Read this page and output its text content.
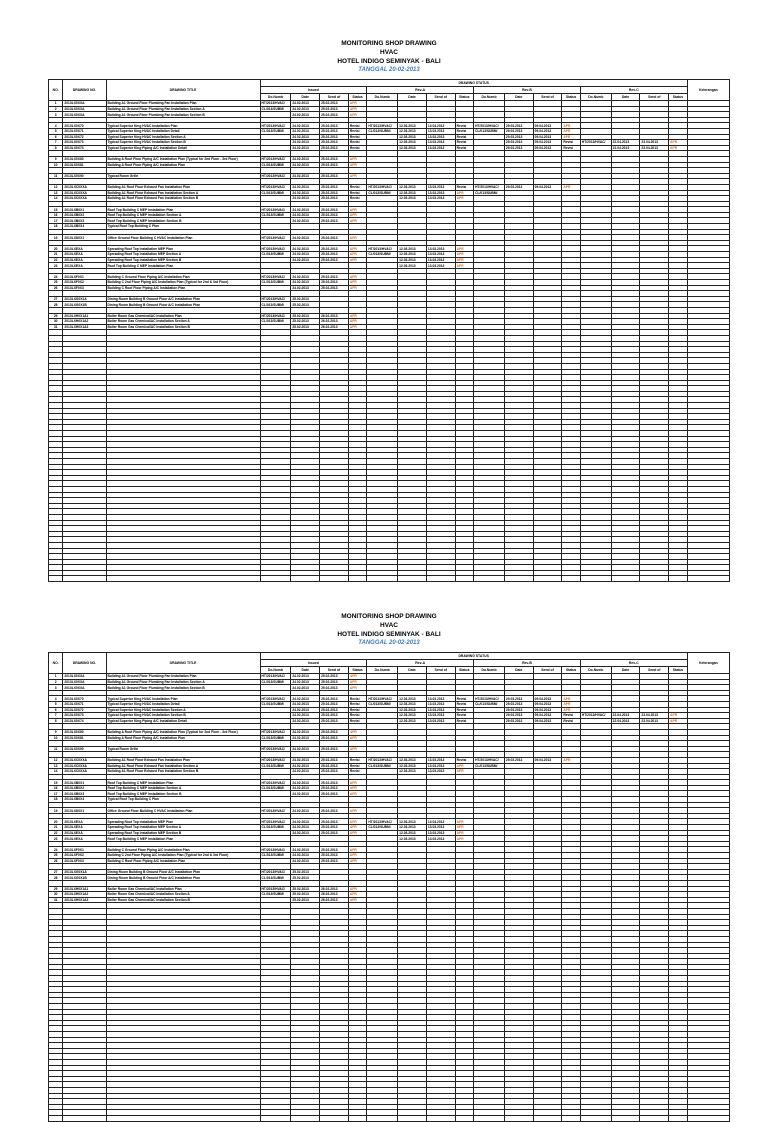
MONITORING SHOP DRAWING
HVAC
HOTEL INDIGO SEMINYAK - BALI
TANGGAL 20-02-2013
NO.	DRAWING NO.	DRAWING TITLE	DRAWING STATUS																Keterangan
			Issued				Rev-A				Rev-B				Rev-C				
			Do.Numb	Date	Send of	Status	Do.Numb	Date	Send of	Status	Do.Numb	Date	Send of	Status	Do.Numb	Date	Send of	Status	
1	2013LX0XXA	Building A1 Ground Floor Plumbing Fan Installation Plan	HT/2013/HVAC/	24.02.2013	25.02.2013	APR													
2	2013LX0XXA	Building A1 Ground Floor Plumbing Fan Installation Section A	CL/013/SUBM/	24.02.2013	25.02.2013	APR													
3	2013LX0XXA	Building A1 Ground Floor Plumbing Fan Installation Section B		24.02.2013	25.02.2013	APR													

4	2013LX0X70	Typical Superior King HVAC Installation Plan	HT/2013/HVAC/	24.02.2013	25.02.2013	Revisi	HT/2013/HVAC/	12.03.2013	13.03.2013	Revisi	HT/2013/HVAC/	29.03.2013	09.04.2013	APR					
5	2013LX0X71	Typical Superior King HVAC Installation Detail	CL/013/SUBM/	24.02.2013	25.02.2013	Revisi	CL/013/SUBM/	12.03.2013	13.03.2013	Revisi	CL/013/SUBM/	29.03.2013	09.04.2013	APR					
6	2013LX0X72	Typical Superior King HVAC Installation Section A		24.02.2013	25.02.2013	Revisi		12.03.2013	13.03.2013	Revisi		29.03.2013	09.04.2013	APR					
7	2013LX0X73	Typical Superior King HVAC Installation Section B		24.02.2013	25.02.2013	Revisi		12.03.2013	13.03.2013	Revisi		29.03.2013	09.04.2013	Revisi	HT/2013/HVAC/	22.04.2013	23.04.2013	APR	
8	2013LX0X74	Typical Superior King Piping A/C Installation Detail		24.02.2013	25.02.2013	Revisi		12.03.2013	13.03.2013	Revisi		29.03.2013	09.04.2013	Revisi		22.04.2013	23.04.2013	APR	

9	2013LX0X80	Building A Roof Floor Piping A/C Installation Plan (Typical for 2nd Floor - 3rd Floor)	HT/2013/HVAC/	24.02.2013	25.02.2013	APR													
10	2013LX0X81	Building A Roof Floor Piping A/C Installation Plan	CL/013/SUBM/	24.02.2013	25.02.2013	APR													

11	2013LX0X90	Typical Room Grille	HT/2013/HVAC/	24.02.2013	25.02.2013	APR													

12	2013LXC0XXA	Building A1 Roof Floor Exhaust Fan Installation Plan	HT/2013/HVAC/	24.02.2013	25.02.2013	Revisi	HT/2013/HVAC/	12.03.2013	13.03.2013	Revisi	HT/2013/HVAC/	29.03.2013	09.04.2013	APR					
13	2013LXC0XXA	Building A1 Roof Floor Exhaust Fan Installation Section A	CL/013/SUBM/	24.02.2013	25.02.2013	Revisi	CL/013/SUBM/	12.03.2013	13.03.2013	APR	CL/013/SUBM/								
14	2013LXC0XXA	Building A1 Roof Floor Exhaust Fan Installation Section B		24.02.2013	25.02.2013	Revisi		12.03.2013	13.03.2013	APR									

15	2013LXB0X1	Roof Top Building C MEP Installation Plan	HT/2013/HVAC/	24.02.2013	25.02.2013	APR													
16	2013LXB0X2	Roof Top Building C MEP Installation Section A	CL/013/SUBM/	24.02.2013	25.02.2013	APR													
17	2013LXB0X3	Roof Top Building C MEP Installation Section B		24.02.2013	25.02.2013	APR													
18	2013LXB0X4	Typical Roof Top Building C Plan																	

19	2013LXD0X1	Office Ground Floor Building C HVAC Installation Plan	HT/2013/HVAC/	24.02.2013	25.02.2013	APR													

20	2013LXEXA	Spreading Roof Top Installation MEP Plan	HT/2013/HVAC/	24.02.2013	25.02.2013	APR	HT/2013/HVAC/	12.03.2013	13.03.2013	APR									
21	2013LXEXA	Spreading Roof Top Installation MEP Section A	CL/013/SUBM/	24.02.2013	25.02.2013	APR	CL/013/SUBM/	12.03.2013	13.03.2013	APR									
22	2013LXEXA	Spreading Roof Top Installation MEP Section B		24.02.2013	25.02.2013	APR		12.03.2013	13.03.2013	APR									
23	2013LXEXA	Roof Top Building C MEP Installation Plan						12.03.2013	13.03.2013	APR									

24	2013LXF0X1	Building C Ground Floor Piping A/C Installation Plan	HT/2013/HVAC/	24.02.2013	25.02.2013	APR													
25	2013LXF0X2	Building C 2nd Floor Piping A/C Installation Plan (Typical for 2nd & 3rd Floor)	CL/013/SUBM/	24.02.2013	25.02.2013	APR													
26	2013LXF0X3	Building C Roof Floor Piping A/C Installation Plan		24.02.2013	25.02.2013	APR													

27	2013LXG0X1A	Dining Room Building B Ground Floor A/C Installation Plan	HT/2013/HVAC/	25.02.2013															
28	2013LXG0X1B	Dining Room Building B Ground Floor A/C Installation Plan	CL/013/SUBM/	25.02.2013															

29	2013LXH0X1A1	Boiler Room Gas Chemical/AC Installation Plan	HT/2013/HVAC/	25.02.2013	26.02.2013	APR													
30	2013LXH0X1A2	Boiler Room Gas Chemical/AC Installation Section A	CL/013/SUBM/	25.02.2013	26.02.2013	APR													
31	2013LXH0X1A3	Boiler Room Gas Chemical/AC Installation Section B		25.02.2013	26.02.2013	APR													

MONITORING SHOP DRAWING
HVAC
HOTEL INDIGO SEMINYAK - BALI
TANGGAL 20-02-2013
NO.	DRAWING NO.	DRAWING TITLE	DRAWING STATUS																Keterangan
			Issued				Rev-A				Rev-B				Rev-C				
			Do.Numb	Date	Send of	Status	Do.Numb	Date	Send of	Status	Do.Numb	Date	Send of	Status	Do.Numb	Date	Send of	Status	
1	2013LX0XXA	Building A1 Ground Floor Plumbing Fan Installation Plan	HT/2013/HVAC/	24.02.2013	25.02.2013	APR													
2	2013LX0XXA	Building A1 Ground Floor Plumbing Fan Installation Section A	CL/013/SUBM/	24.02.2013	25.02.2013	APR													
3	2013LX0XXA	Building A1 Ground Floor Plumbing Fan Installation Section B		24.02.2013	25.02.2013	APR													

4	2013LX0X70	Typical Superior King HVAC Installation Plan	HT/2013/HVAC/	24.02.2013	25.02.2013	Revisi	HT/2013/HVAC/	12.03.2013	13.03.2013	Revisi	HT/2013/HVAC/	29.03.2013	09.04.2013	APR					
5	2013LX0X71	Typical Superior King HVAC Installation Detail	CL/013/SUBM/	24.02.2013	25.02.2013	Revisi	CL/013/SUBM/	12.03.2013	13.03.2013	Revisi	CL/013/SUBM/	29.03.2013	09.04.2013	APR					
6	2013LX0X72	Typical Superior King HVAC Installation Section A		24.02.2013	25.02.2013	Revisi		12.03.2013	13.03.2013	Revisi		29.03.2013	09.04.2013	APR					
7	2013LX0X73	Typical Superior King HVAC Installation Section B		24.02.2013	25.02.2013	Revisi		12.03.2013	13.03.2013	Revisi		29.03.2013	09.04.2013	Revisi	HT/2013/HVAC/	22.04.2013	23.04.2013	APR	
8	2013LX0X74	Typical Superior King Piping A/C Installation Detail		24.02.2013	25.02.2013	Revisi		12.03.2013	13.03.2013	Revisi		29.03.2013	09.04.2013	Revisi		22.04.2013	23.04.2013	APR	

9	2013LX0X80	Building A Roof Floor Piping A/C Installation Plan (Typical for 2nd Floor - 3rd Floor)	HT/2013/HVAC/	24.02.2013	25.02.2013	APR													
10	2013LX0X81	Building A Roof Floor Piping A/C Installation Plan	CL/013/SUBM/	24.02.2013	25.02.2013	APR													

11	2013LX0X90	Typical Room Grille	HT/2013/HVAC/	24.02.2013	25.02.2013	APR													

12	2013LXC0XXA	Building A1 Roof Floor Exhaust Fan Installation Plan	HT/2013/HVAC/	24.02.2013	25.02.2013	Revisi	HT/2013/HVAC/	12.03.2013	13.03.2013	Revisi	HT/2013/HVAC/	29.03.2013	09.04.2013	APR					
13	2013LXC0XXA	Building A1 Roof Floor Exhaust Fan Installation Section A	CL/013/SUBM/	24.02.2013	25.02.2013	Revisi	CL/013/SUBM/	12.03.2013	13.03.2013	APR	CL/013/SUBM/								
14	2013LXC0XXA	Building A1 Roof Floor Exhaust Fan Installation Section B		24.02.2013	25.02.2013	Revisi		12.03.2013	13.03.2013	APR									

15	2013LXB0X1	Roof Top Building C MEP Installation Plan	HT/2013/HVAC/	24.02.2013	25.02.2013	APR													
16	2013LXB0X2	Roof Top Building C MEP Installation Section A	CL/013/SUBM/	24.02.2013	25.02.2013	APR													
17	2013LXB0X3	Roof Top Building C MEP Installation Section B		24.02.2013	25.02.2013	APR													
18	2013LXB0X4	Typical Roof Top Building C Plan																	

19	2013LXD0X1	Office Ground Floor Building C HVAC Installation Plan	HT/2013/HVAC/	24.02.2013	25.02.2013	APR													

20	2013LXEXA	Spreading Roof Top Installation MEP Plan	HT/2013/HVAC/	24.02.2013	25.02.2013	APR	HT/2013/HVAC/	12.03.2013	13.03.2013	APR									
21	2013LXEXA	Spreading Roof Top Installation MEP Section A	CL/013/SUBM/	24.02.2013	25.02.2013	APR	CL/013/SUBM/	12.03.2013	13.03.2013	APR									
22	2013LXEXA	Spreading Roof Top Installation MEP Section B		24.02.2013	25.02.2013	APR		12.03.2013	13.03.2013	APR									
23	2013LXEXA	Roof Top Building C MEP Installation Plan						12.03.2013	13.03.2013	APR									

24	2013LXF0X1	Building C Ground Floor Piping A/C Installation Plan	HT/2013/HVAC/	24.02.2013	25.02.2013	APR													
25	2013LXF0X2	Building C 2nd Floor Piping A/C Installation Plan (Typical for 2nd & 3rd Floor)	CL/013/SUBM/	24.02.2013	25.02.2013	APR													
26	2013LXF0X3	Building C Roof Floor Piping A/C Installation Plan		24.02.2013	25.02.2013	APR													

27	2013LXG0X1A	Dining Room Building B Ground Floor A/C Installation Plan	HT/2013/HVAC/	25.02.2013															
28	2013LXG0X1B	Dining Room Building B Ground Floor A/C Installation Plan	CL/013/SUBM/	25.02.2013															

29	2013LXH0X1A1	Boiler Room Gas Chemical/AC Installation Plan	HT/2013/HVAC/	25.02.2013	26.02.2013	APR													
30	2013LXH0X1A2	Boiler Room Gas Chemical/AC Installation Section A	CL/013/SUBM/	25.02.2013	26.02.2013	APR													
31	2013LXH0X1A3	Boiler Room Gas Chemical/AC Installation Section B		25.02.2013	26.02.2013	APR													
